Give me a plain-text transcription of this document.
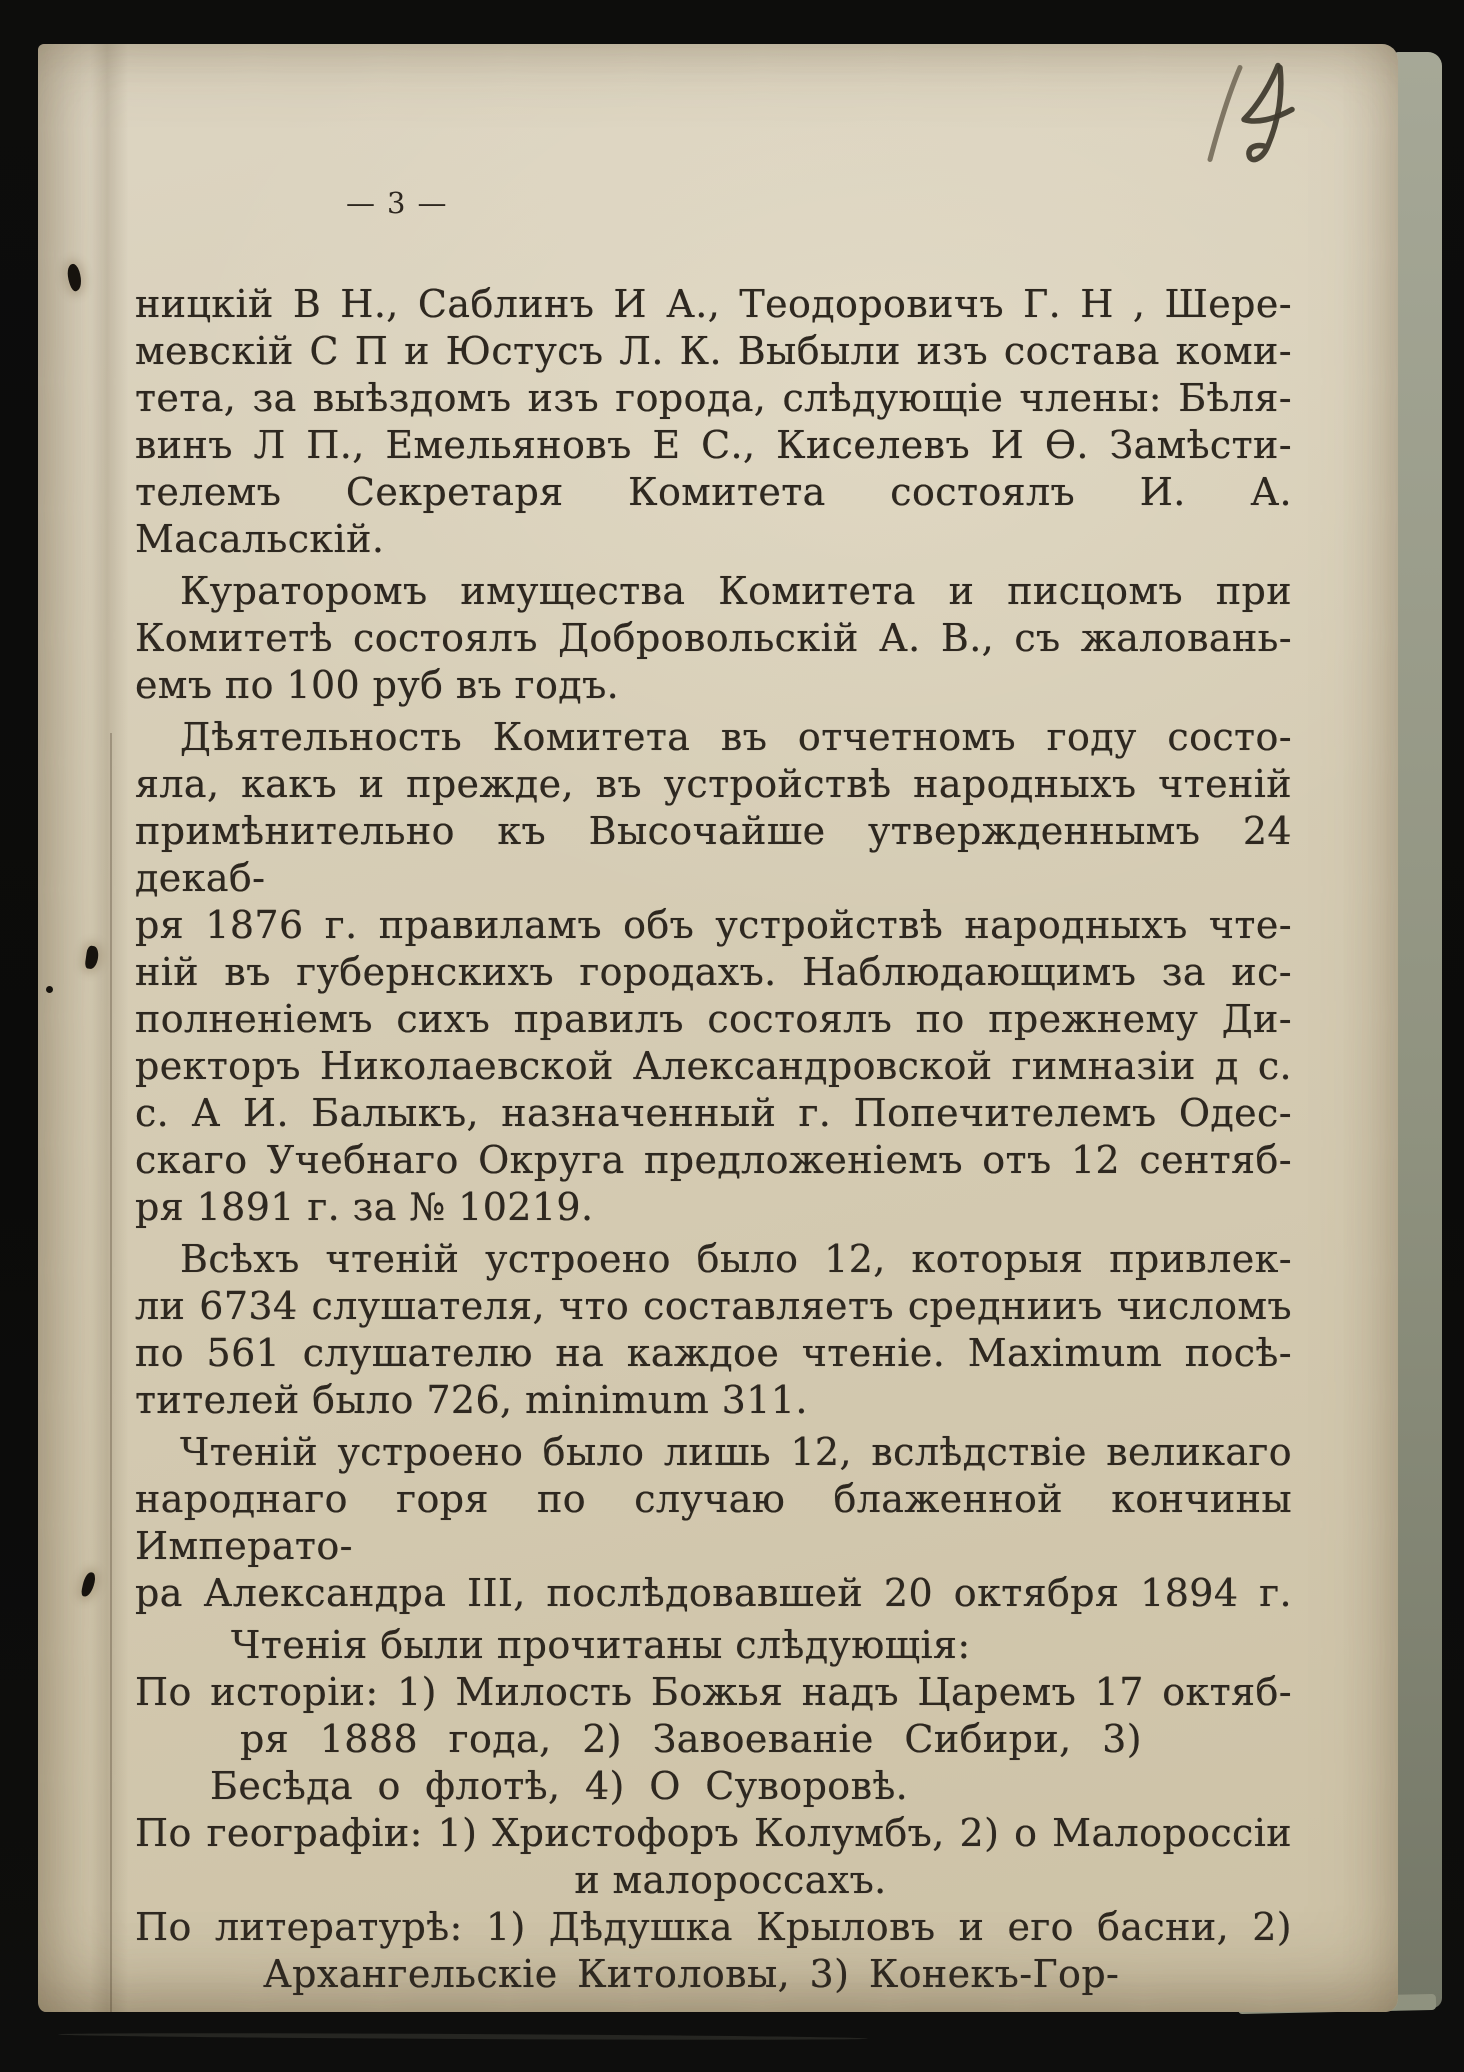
— 3 —
ницкій В Н., Саблинъ И А., Теодоровичъ Г. Н , Шере-
мевскій С П и Юстусъ Л. К. Выбыли изъ состава коми-
тета, за выѣздомъ изъ города, слѣдующіе члены: Бѣля-
винъ Л П., Емельяновъ Е С., Киселевъ И Ѳ. Замѣсти-
телемъ Секретаря Комитета состоялъ И. А. Масальскій.
Кураторомъ имущества Комитета и писцомъ при
Комитетѣ состоялъ Добровольскій А. В., съ жаловань-
емъ по 100 руб въ годъ.
Дѣятельность Комитета въ отчетномъ году состо-
яла, какъ и прежде, въ устройствѣ народныхъ чтеній
примѣнительно къ Высочайше утвержденнымъ 24 декаб-
ря 1876 г. правиламъ объ устройствѣ народныхъ чте-
ній въ губернскихъ городахъ. Наблюдающимъ за ис-
полненіемъ сихъ правилъ состоялъ по прежнему Ди-
ректоръ Николаевской Александровской гимназіи д с.
с. А И. Балыкъ, назначенный г. Попечителемъ Одес-
скаго Учебнаго Округа предложеніемъ отъ 12 сентяб-
ря 1891 г. за № 10219.
Всѣхъ чтеній устроено было 12, которыя привлек-
ли 6734 слушателя, что составляетъ среднииъ числомъ
по 561 слушателю на каждое чтеніе. Maximum посѣ-
тителей было 726, minimum 311.
Чтеній устроено было лишь 12, вслѣдствіе великаго
народнаго горя по случаю блаженной кончины Императо-
ра Александра III, послѣдовавшей 20 октября 1894 г.
Чтенія были прочитаны слѣдующія:
По исторіи: 1) Милость Божья надъ Царемъ 17 октяб-
ря 1888 года, 2) Завоеваніе Сибири, 3)
Бесѣда о флотѣ, 4) О Суворовѣ.
По географіи: 1) Христофоръ Колумбъ, 2) о Малороссіи
и малороссахъ.
По литературѣ: 1) Дѣдушка Крыловъ и его басни, 2)
Архангельскіе Китоловы, 3) Конекъ-Гор-
